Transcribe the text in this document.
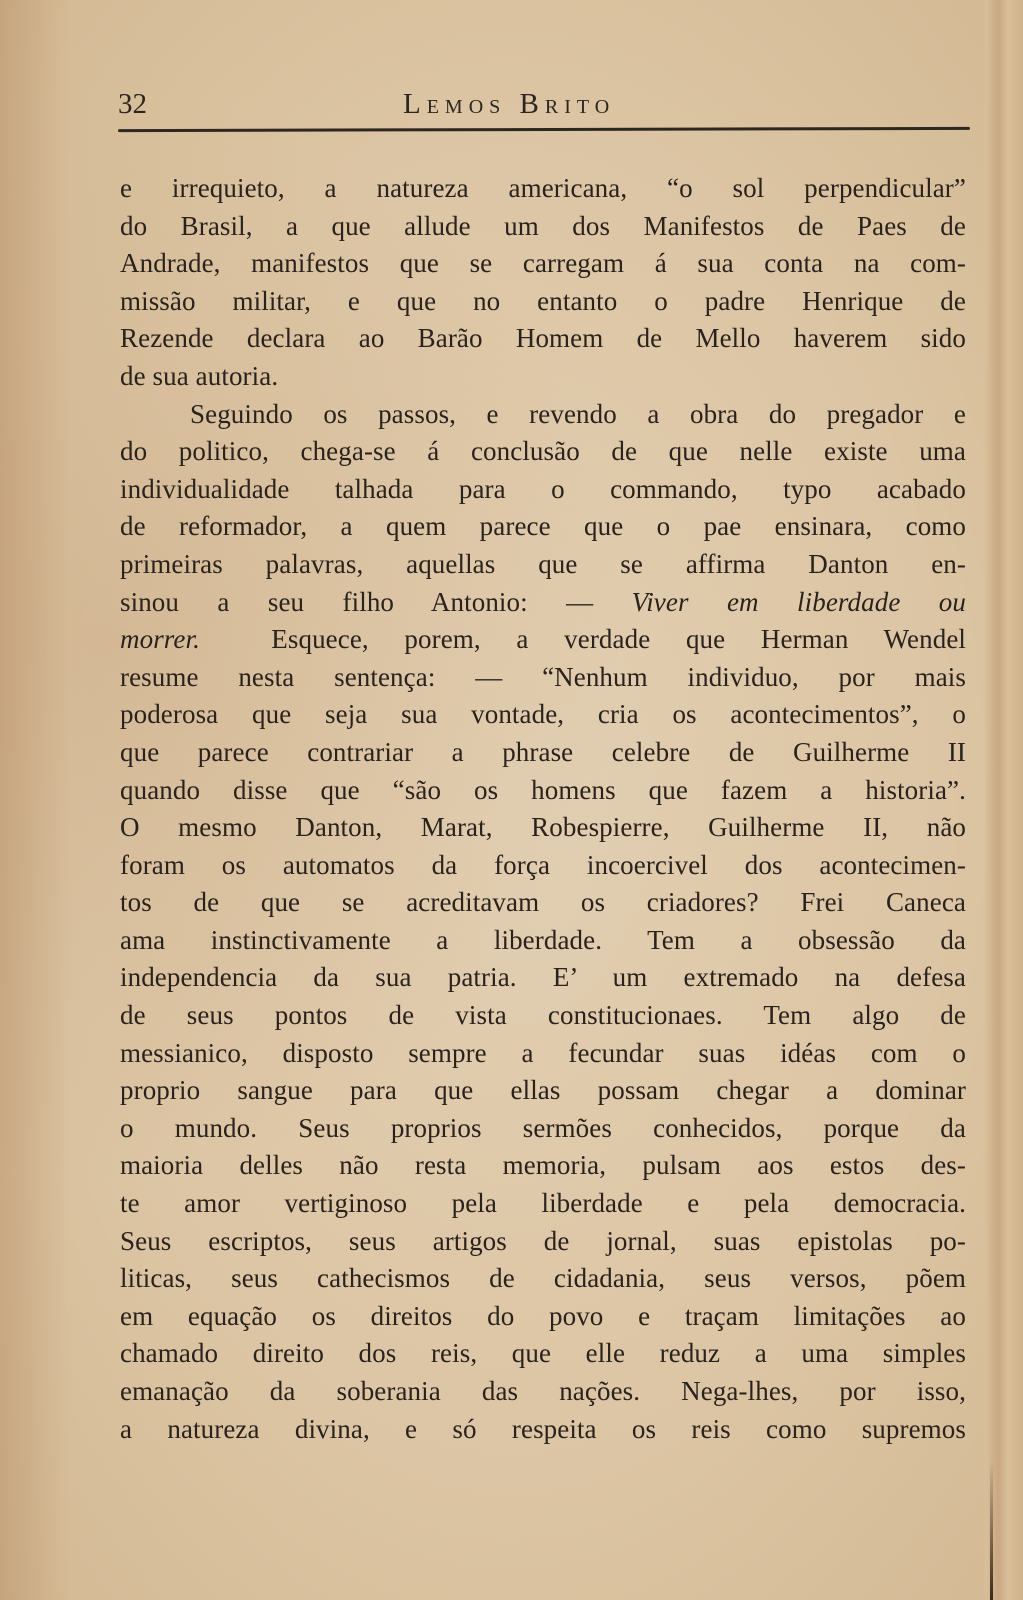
32	Lemos Brito
e irrequieto, a natureza americana, “o sol perpendicular”
do Brasil, a que allude um dos Manifestos de Paes de
Andrade, manifestos que se carregam á sua conta na com-
missão militar, e que no entanto o padre Henrique de
Rezende declara ao Barão Homem de Mello haverem sido
de sua autoria.
Seguindo os passos, e revendo a obra do pregador e
do politico, chega-se á conclusão de que nelle existe uma
individualidade talhada para o commando, typo acabado
de reformador, a quem parece que o pae ensinara, como
primeiras palavras, aquellas que se affirma Danton en-
sinou a seu filho Antonio: — Viver em liberdade ou
morrer.	Esquece, porem, a verdade que Herman Wendel
resume nesta sentença: — “Nenhum individuo, por mais
poderosa que seja sua vontade, cria os acontecimentos”, o
que parece contrariar a phrase celebre de Guilherme II
quando disse que “são os homens que fazem a historia”.
O mesmo Danton, Marat, Robespierre, Guilherme II, não
foram os automatos da força incoercivel dos acontecimen-
tos de que se acreditavam os criadores? Frei Caneca
ama instinctivamente a liberdade. Tem a obsessão da
independencia da sua patria. E’ um extremado na defesa
de seus pontos de vista constitucionaes. Tem algo de
messianico, disposto sempre a fecundar suas idéas com o
proprio sangue para que ellas possam chegar a dominar
o mundo. Seus proprios sermões conhecidos, porque da
maioria delles não resta memoria, pulsam aos estos des-
te amor vertiginoso pela liberdade e pela democracia.
Seus escriptos, seus artigos de jornal, suas epistolas po-
liticas, seus cathecismos de cidadania, seus versos, põem
em equação os direitos do povo e traçam limitações ao
chamado direito dos reis, que elle reduz a uma simples
emanação da soberania das nações. Nega-lhes, por isso,
a natureza divina, e só respeita os reis como supremos
